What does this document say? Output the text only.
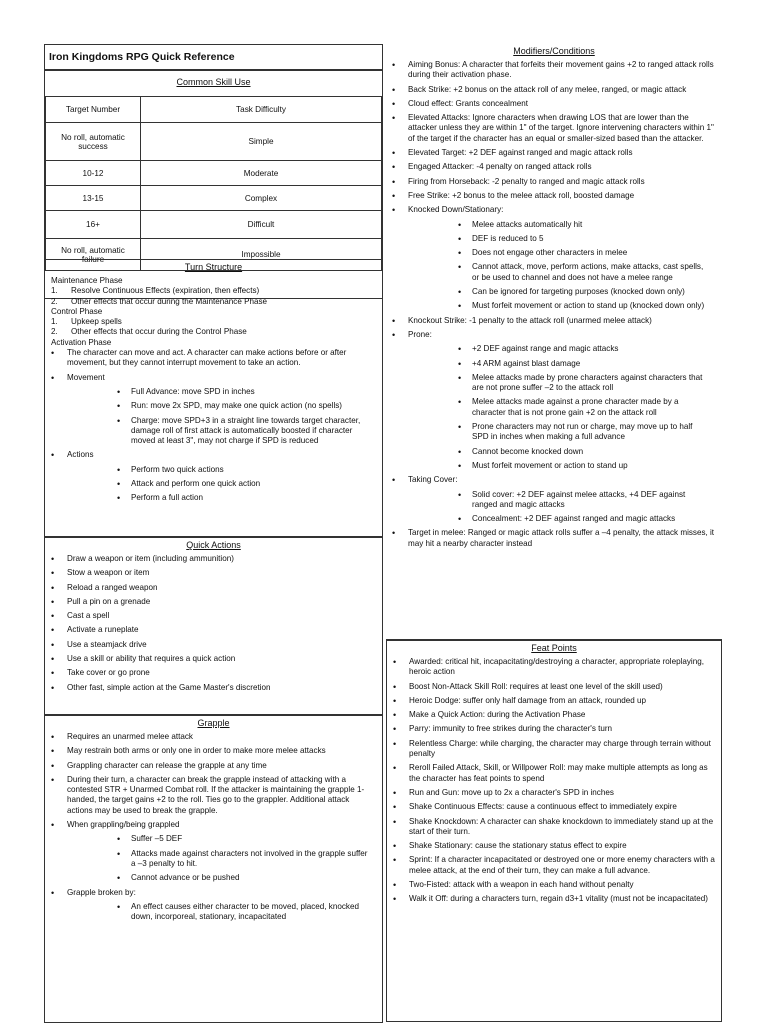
Iron Kingdoms RPG Quick Reference
Common Skill Use
Target Number	Task Difficulty
No roll, automatic success	Simple
10-12	Moderate
13-15	Complex
16+	Difficult
No roll, automatic failure	Impossible
Turn Structure
Maintenance Phase
1.	Resolve Continuous Effects (expiration, then effects)
2.	Other effects that occur during the Maintenance Phase
Control Phase
1.	Upkeep spells
2.	Other effects that occur during the Control Phase
Activation Phase
• The character can move and act. A character can make actions before or after movement, but they cannot interrupt movement to take an action.
• Movement
• Full Advance: move SPD in inches
• Run: move 2x SPD, may make one quick action (no spells)
• Charge: move SPD+3 in a straight line towards target character, damage roll of first attack is automatically boosted if character moved at least 3", may not charge if SPD is reduced
• Actions
• Perform two quick actions
• Attack and perform one quick action
• Perform a full action
Quick Actions
• Draw a weapon or item (including ammunition)
• Stow a weapon or item
• Reload a ranged weapon
• Pull a pin on a grenade
• Cast a spell
• Activate a runeplate
• Use a steamjack drive
• Use a skill or ability that requires a quick action
• Take cover or go prone
• Other fast, simple action at the Game Master's discretion
Grapple
• Requires an unarmed melee attack
• May restrain both arms or only one in order to make more melee attacks
• Grappling character can release the grapple at any time
• During their turn, a character can break the grapple instead of attacking with a contested STR + Unarmed Combat roll. If the attacker is maintaining the grapple 1-handed, the target gains +2 to the roll. Ties go to the grappler. Additional attack actions may be used to break the grapple.
• When grappling/being grappled
• Suffer –5 DEF
• Attacks made against characters not involved in the grapple suffer a –3 penalty to hit.
• Cannot advance or be pushed
• Grapple broken by:
• An effect causes either character to be moved, placed, knocked down, incorporeal, stationary, incapacitated
Modifiers/Conditions
• Aiming Bonus: A character that forfeits their movement gains +2 to ranged attack rolls during their activation phase.
• Back Strike: +2 bonus on the attack roll of any melee, ranged, or magic attack
• Cloud effect: Grants concealment
• Elevated Attacks: Ignore characters when drawing LOS that are lower than the attacker unless they are within 1" of the target. Ignore intervening characters within 1" of the target if the character has an equal or smaller-sized based than the attacker.
• Elevated Target: +2 DEF against ranged and magic attack rolls
• Engaged Attacker: -4 penalty on ranged attack rolls
• Firing from Horseback: -2 penalty to ranged and magic attack rolls
• Free Strike: +2 bonus to the melee attack roll, boosted damage
• Knocked Down/Stationary:
• Melee attacks automatically hit
• DEF is reduced to 5
• Does not engage other characters in melee
• Cannot attack, move, perform actions, make attacks, cast spells, or be used to channel and does not have a melee range
• Can be ignored for targeting purposes (knocked down only)
• Must forfeit movement or action to stand up (knocked down only)
• Knockout Strike: -1 penalty to the attack roll (unarmed melee attack)
• Prone:
• +2 DEF against range and magic attacks
• +4 ARM against blast damage
• Melee attacks made by prone characters against characters that are not prone suffer –2 to the attack roll
• Melee attacks made against a prone character made by a character that is not prone gain +2 on the attack roll
• Prone characters may not run or charge, may move up to half SPD in inches when making a full advance
• Cannot become knocked down
• Must forfeit movement or action to stand up
• Taking Cover:
• Solid cover: +2 DEF against melee attacks, +4 DEF against ranged and magic attacks
• Concealment: +2 DEF against ranged and magic attacks
• Target in melee: Ranged or magic attack rolls suffer a –4 penalty, the attack misses, it may hit a nearby character instead
Feat Points
• Awarded: critical hit, incapacitating/destroying a character, appropriate roleplaying, heroic action
• Boost Non-Attack Skill Roll: requires at least one level of the skill used)
• Heroic Dodge: suffer only half damage from an attack, rounded up
• Make a Quick Action: during the Activation Phase
• Parry: immunity to free strikes during the character's turn
• Relentless Charge: while charging, the character may charge through terrain without penalty
• Reroll Failed Attack, Skill, or Willpower Roll: may make multiple attempts as long as the character has feat points to spend
• Run and Gun: move up to 2x a character's SPD in inches
• Shake Continuous Effects: cause a continuous effect to immediately expire
• Shake Knockdown: A character can shake knockdown to immediately stand up at the start of their turn.
• Shake Stationary: cause the stationary status effect to expire
• Sprint: If a character incapacitated or destroyed one or more enemy characters with a melee attack, at the end of their turn, they can make a full advance.
• Two-Fisted: attack with a weapon in each hand without penalty
• Walk it Off: during a characters turn, regain d3+1 vitality (must not be incapacitated)
